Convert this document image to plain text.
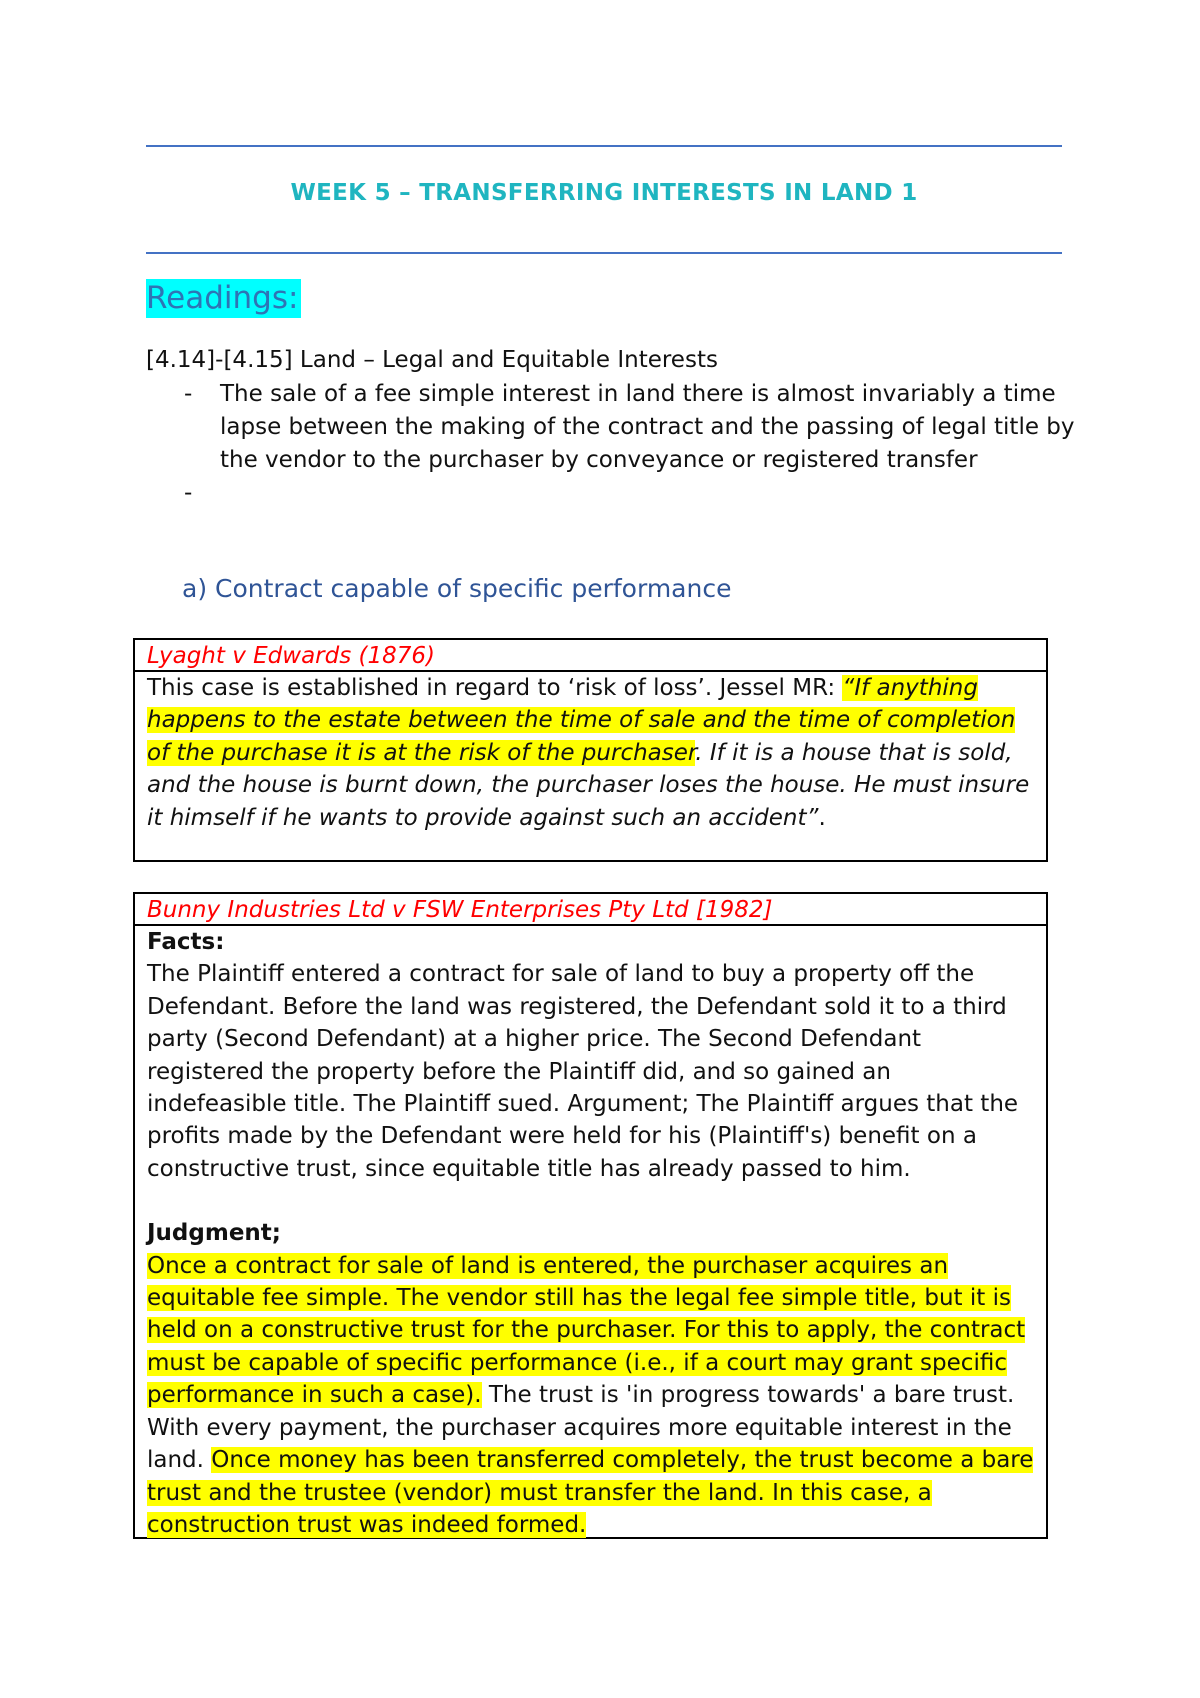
WEEK 5 – TRANSFERRING INTERESTS IN LAND 1
Readings:
[4.14]-[4.15] Land – Legal and Equitable Interests
- The sale of a fee simple interest in land there is almost invariably a time lapse between the making of the contract and the passing of legal title by the vendor to the purchaser by conveyance or registered transfer
-
a) Contract capable of specific performance
Lyaght v Edwards (1876)
This case is established in regard to ‘risk of loss’. Jessel MR: “If anything happens to the estate between the time of sale and the time of completion of the purchase it is at the risk of the purchaser. If it is a house that is sold, and the house is burnt down, the purchaser loses the house. He must insure it himself if he wants to provide against such an accident”.
Bunny Industries Ltd v FSW Enterprises Pty Ltd [1982]
Facts:
The Plaintiff entered a contract for sale of land to buy a property off the Defendant. Before the land was registered, the Defendant sold it to a third party (Second Defendant) at a higher price. The Second Defendant registered the property before the Plaintiff did, and so gained an indefeasible title. The Plaintiff sued. Argument; The Plaintiff argues that the profits made by the Defendant were held for his (Plaintiff's) benefit on a constructive trust, since equitable title has already passed to him.
Judgment;
Once a contract for sale of land is entered, the purchaser acquires an equitable fee simple. The vendor still has the legal fee simple title, but it is held on a constructive trust for the purchaser. For this to apply, the contract must be capable of specific performance (i.e., if a court may grant specific performance in such a case). The trust is 'in progress towards' a bare trust. With every payment, the purchaser acquires more equitable interest in the land. Once money has been transferred completely, the trust become a bare trust and the trustee (vendor) must transfer the land. In this case, a construction trust was indeed formed.
